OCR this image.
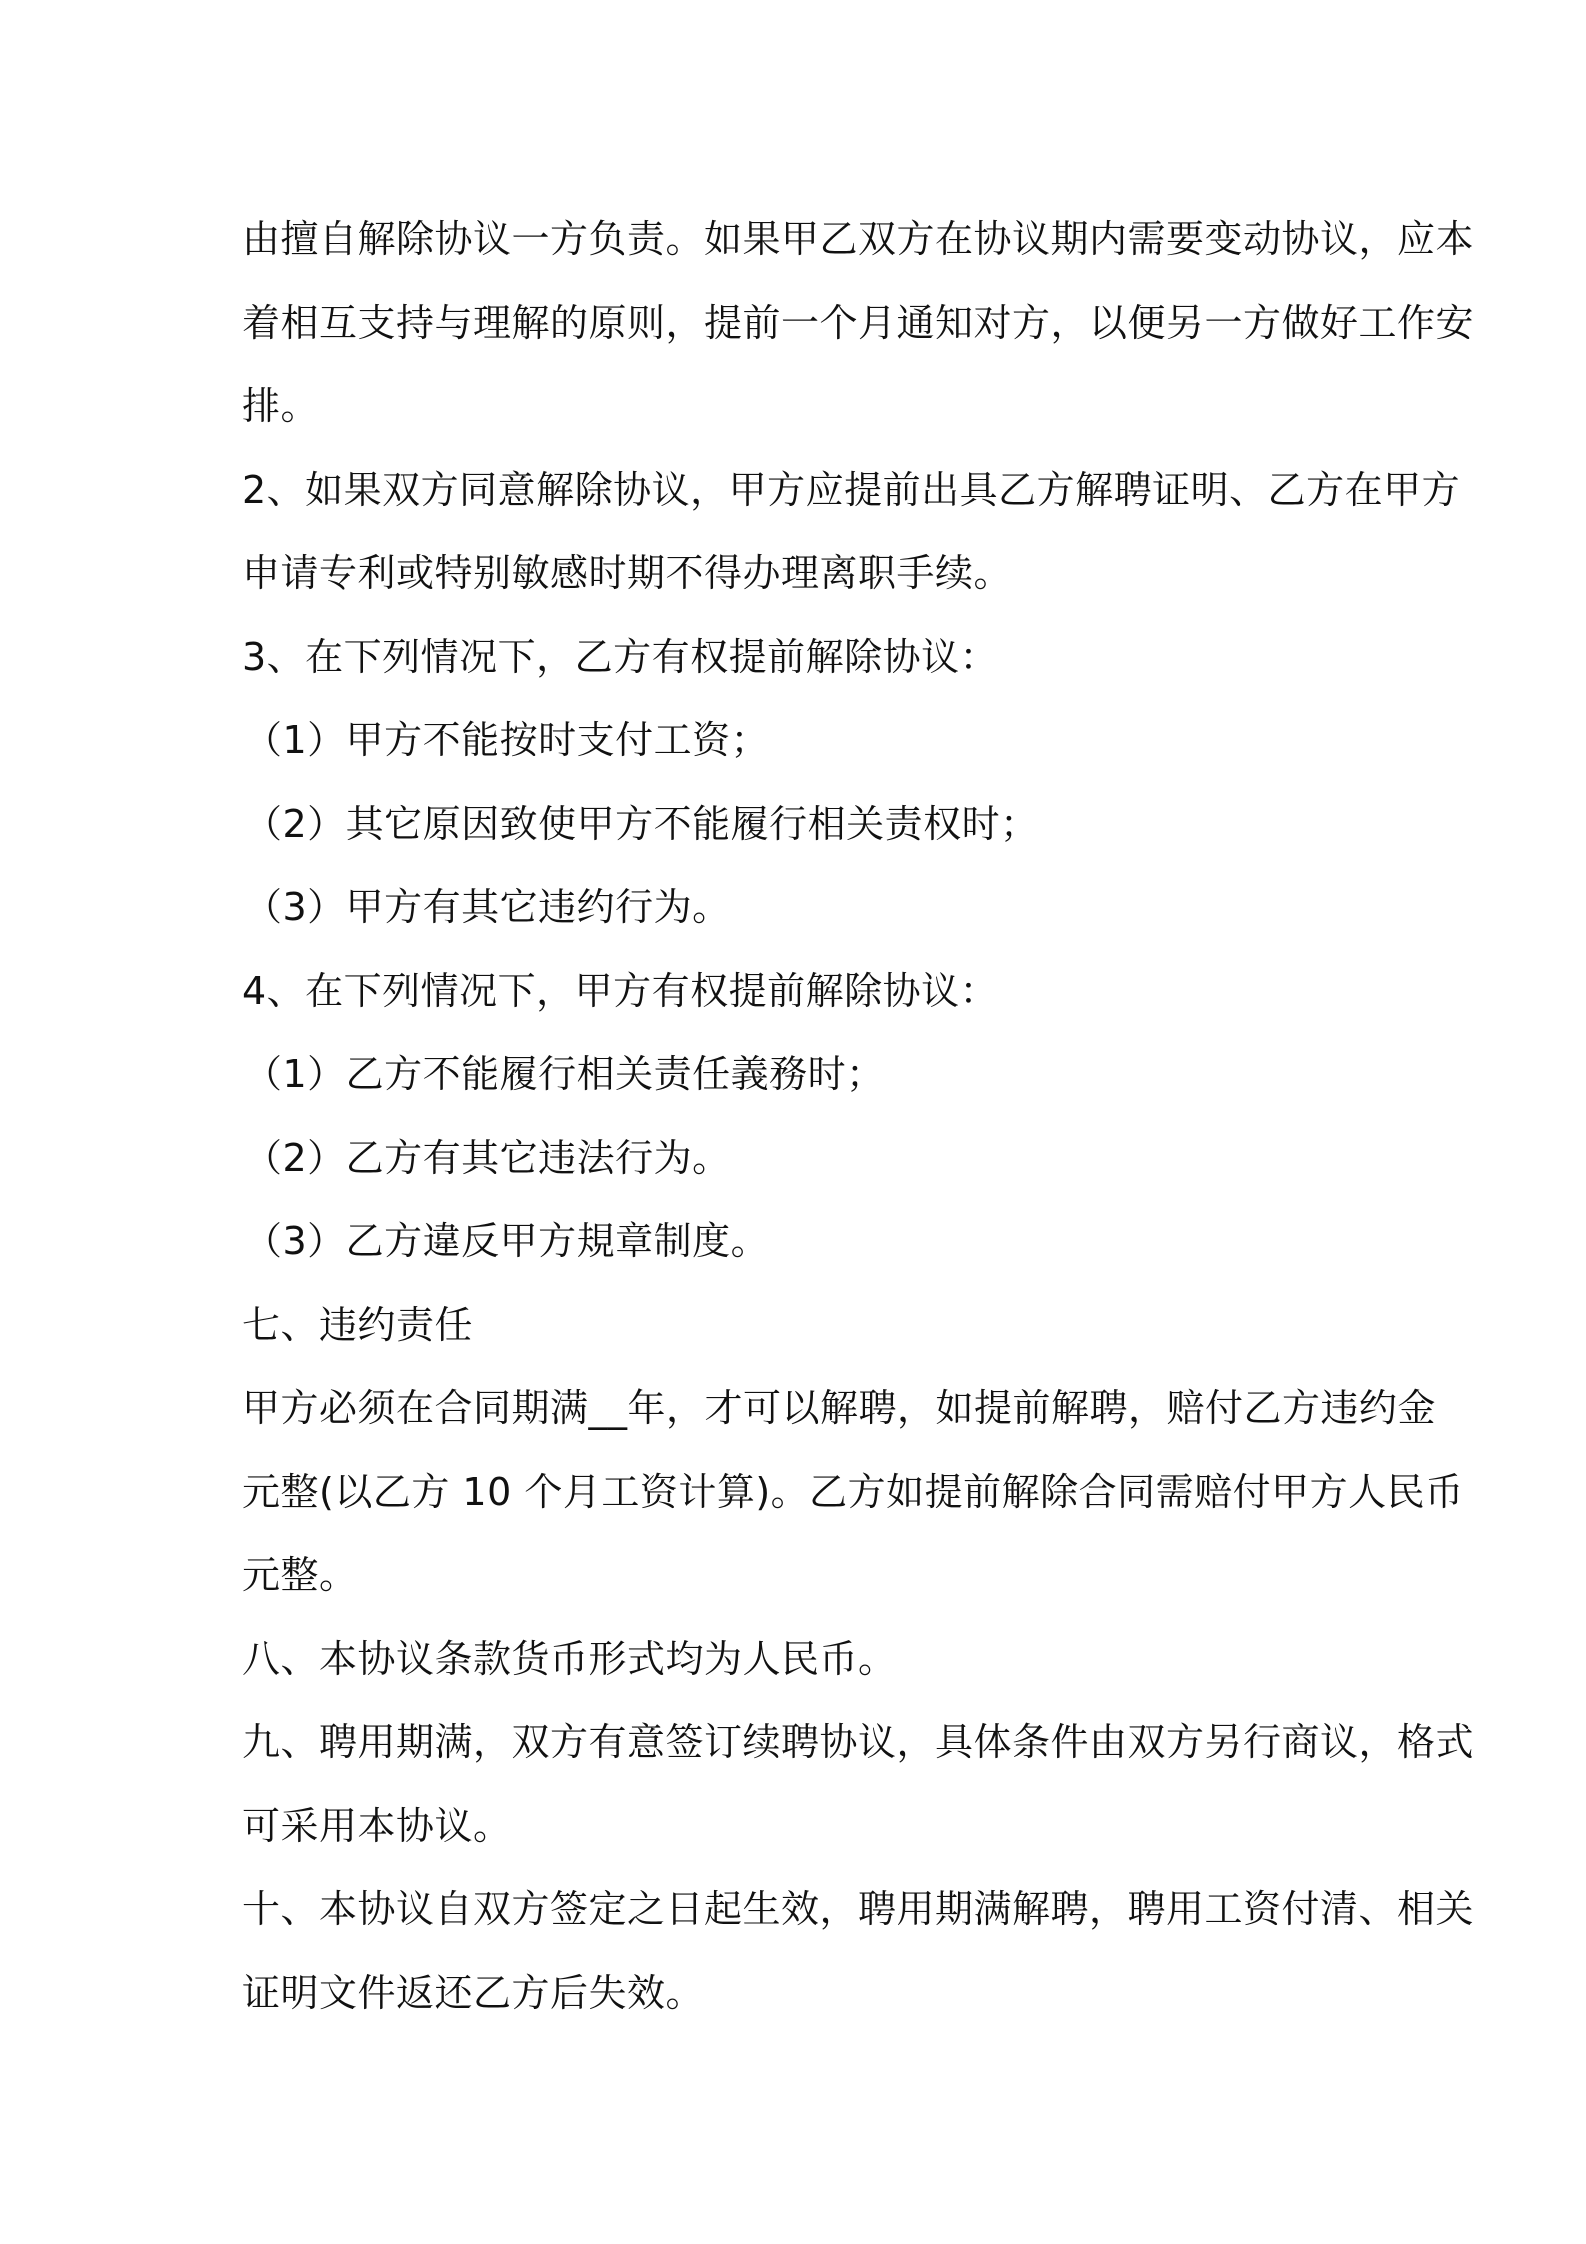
由擅自解除协议一方负责。如果甲乙双方在协议期内需要变动协议，应本
着相互支持与理解的原则，提前一个月通知对方，以便另一方做好工作安
排。
2、如果双方同意解除协议，甲方应提前出具乙方解聘证明、乙方在甲方
申请专利或特别敏感时期不得办理离职手续。
3、在下列情况下，乙方有权提前解除协议：
（1）甲方不能按时支付工资；
（2）其它原因致使甲方不能履行相关责权时；
（3）甲方有其它违约行为。
4、在下列情况下，甲方有权提前解除协议：
（1）乙方不能履行相关责任義務时；
（2）乙方有其它违法行为。
（3）乙方違反甲方規章制度。
七、违约责任
甲方必须在合同期满__年，才可以解聘，如提前解聘，赔付乙方违约金
元整(以乙方 10 个月工资计算)。乙方如提前解除合同需赔付甲方人民币
元整。
八、本协议条款货币形式均为人民币。
九、聘用期满，双方有意签订续聘协议，具体条件由双方另行商议，格式
可采用本协议。
十、本协议自双方签定之日起生效，聘用期满解聘，聘用工资付清、相关
证明文件返还乙方后失效。
